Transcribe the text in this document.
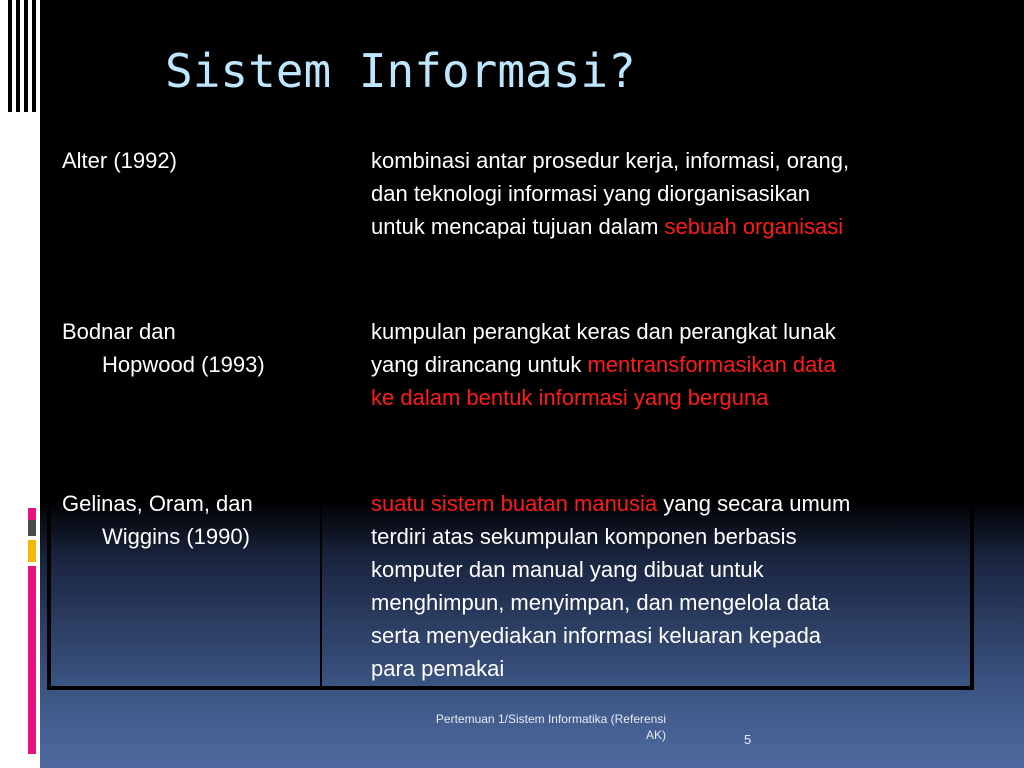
Sistem Informasi?
Alter (1992)	kombinasi antar prosedur kerja, informasi, orang,
dan teknologi informasi yang diorganisasikan
untuk mencapai tujuan dalam sebuah organisasi
Bodnar dan
Hopwood (1993)
kumpulan perangkat keras dan perangkat lunak
yang dirancang untuk mentransformasikan data
ke dalam bentuk informasi yang berguna
Gelinas, Oram, dan
Wiggins (1990)
suatu sistem buatan manusia yang secara umum
terdiri atas sekumpulan komponen berbasis
komputer dan manual yang dibuat untuk
menghimpun, menyimpan, dan mengelola data
serta menyediakan informasi keluaran kepada
para pemakai
Pertemuan 1/Sistem Informatika (Referensi
AK)	5
